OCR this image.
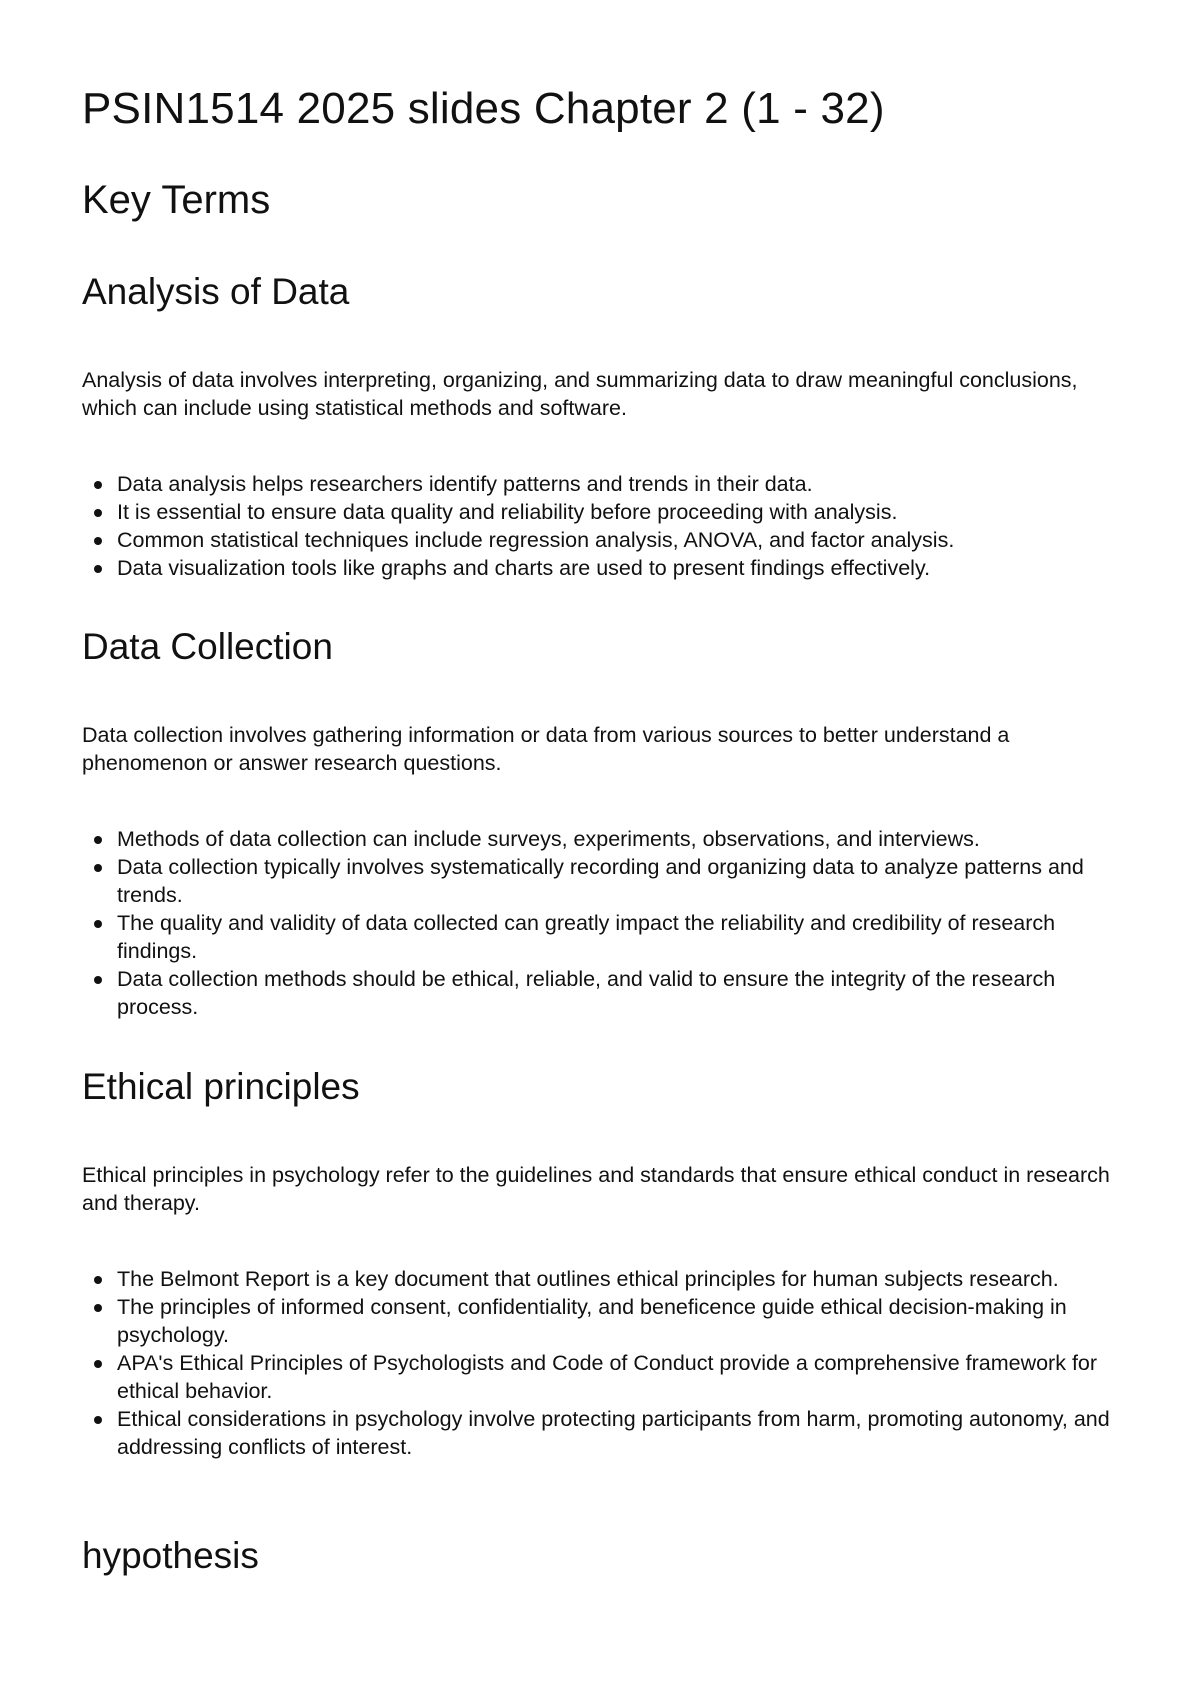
PSIN1514 2025 slides Chapter 2 (1 - 32)
Key Terms
Analysis of Data

Analysis of data involves interpreting, organizing, and summarizing data to draw meaningful conclusions, which can include using statistical methods and software.

Data analysis helps researchers identify patterns and trends in their data.
It is essential to ensure data quality and reliability before proceeding with analysis.
Common statistical techniques include regression analysis, ANOVA, and factor analysis.
Data visualization tools like graphs and charts are used to present findings effectively.
Data Collection

Data collection involves gathering information or data from various sources to better understand a phenomenon or answer research questions.

Methods of data collection can include surveys, experiments, observations, and interviews.
Data collection typically involves systematically recording and organizing data to analyze patterns and trends.
The quality and validity of data collected can greatly impact the reliability and credibility of research findings.
Data collection methods should be ethical, reliable, and valid to ensure the integrity of the research process.
Ethical principles

Ethical principles in psychology refer to the guidelines and standards that ensure ethical conduct in research and therapy.

The Belmont Report is a key document that outlines ethical principles for human subjects research.
The principles of informed consent, confidentiality, and beneficence guide ethical decision-making in psychology.
APA's Ethical Principles of Psychologists and Code of Conduct provide a comprehensive framework for ethical behavior.
Ethical considerations in psychology involve protecting participants from harm, promoting autonomy, and addressing conflicts of interest.
hypothesis
